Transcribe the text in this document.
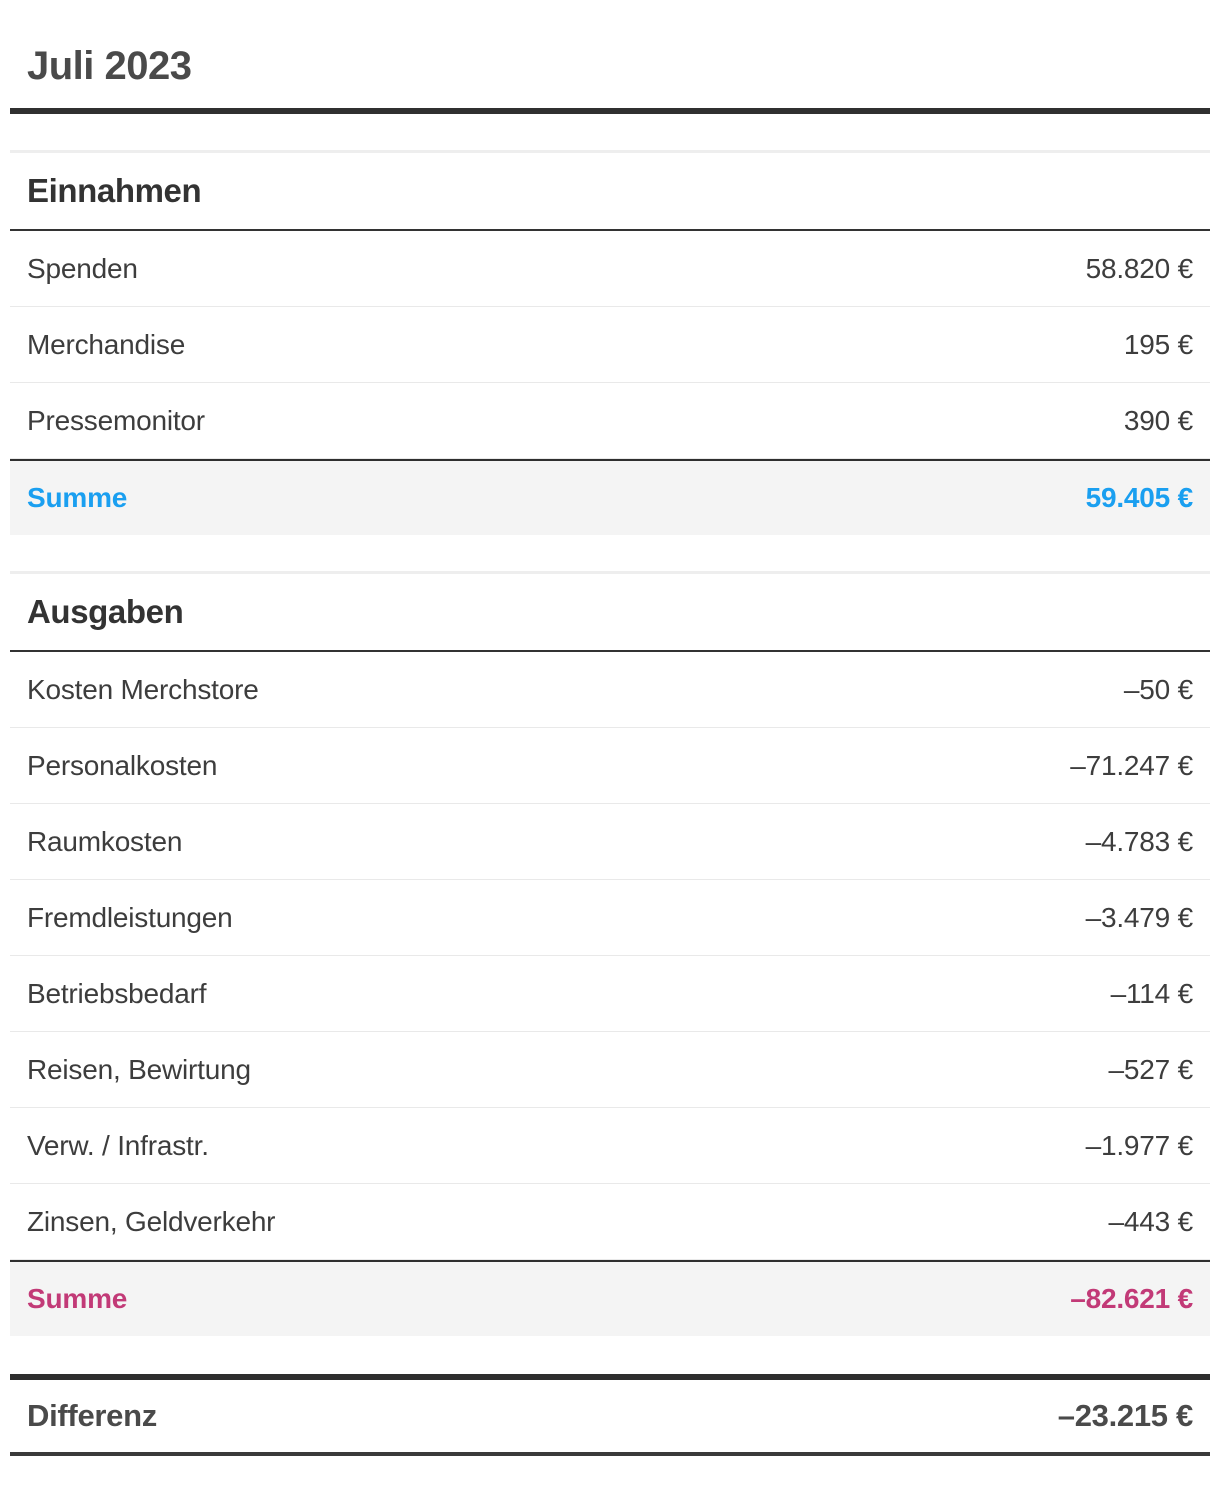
Juli 2023
Einnahmen
Spenden	58.820 €
Merchandise	195 €
Pressemonitor	390 €
Summe	59.405 €
Ausgaben
Kosten Merchstore	–50 €
Personalkosten	–71.247 €
Raumkosten	–4.783 €
Fremdleistungen	–3.479 €
Betriebsbedarf	–114 €
Reisen, Bewirtung	–527 €
Verw. / Infrastr.	–1.977 €
Zinsen, Geldverkehr	–443 €
Summe	–82.621 €
Differenz	–23.215 €
